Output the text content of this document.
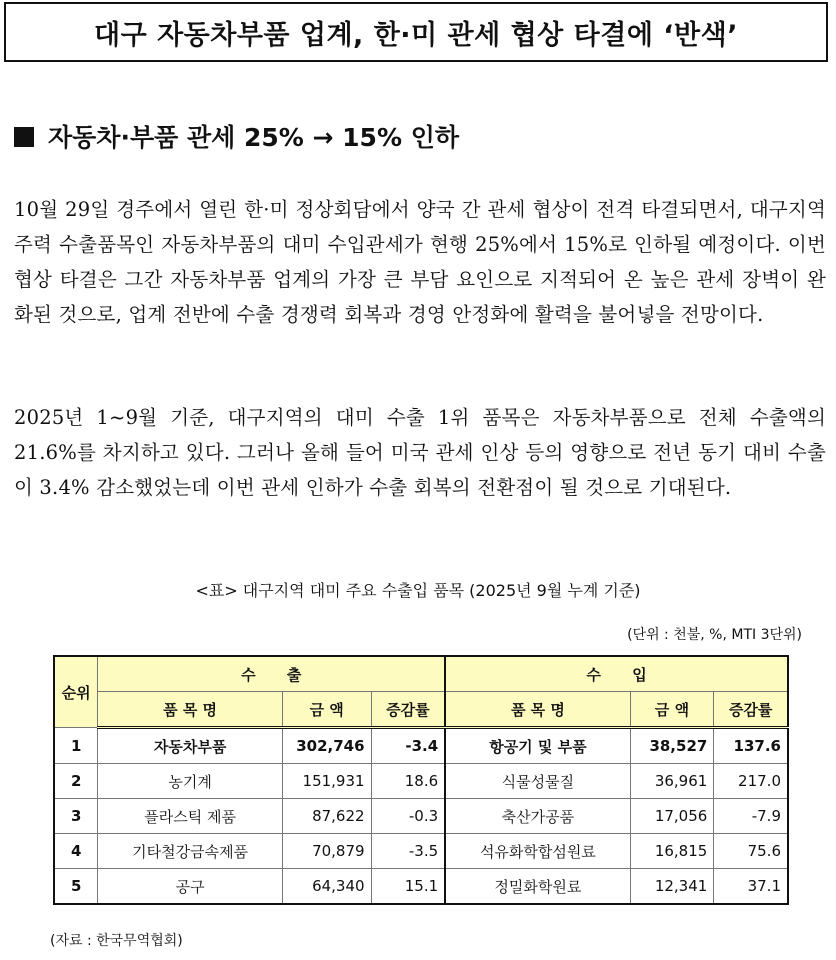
대구 자동차부품 업계, 한·미 관세 협상 타결에 ‘반색’
자동차·부품 관세 25% → 15% 인하
10월 29일 경주에서 열린 한·미 정상회담에서 양국 간 관세 협상이 전격 타결되면서, 대구지역 주력 수출품목인 자동차부품의 대미 수입관세가 현행 25%에서 15%로 인하될 예정이다. 이번 협상 타결은 그간 자동차부품 업계의 가장 큰 부담 요인으로 지적되어 온 높은 관세 장벽이 완화된 것으로, 업계 전반에 수출 경쟁력 회복과 경영 안정화에 활력을 불어넣을 전망이다.
2025년 1~9월 기준, 대구지역의 대미 수출 1위 품목은 자동차부품으로 전체 수출액의 21.6%를 차지하고 있다. 그러나 올해 들어 미국 관세 인상 등의 영향으로 전년 동기 대비 수출이 3.4% 감소했었는데 이번 관세 인하가 수출 회복의 전환점이 될 것으로 기대된다.
<표> 대구지역 대미 주요 수출입 품목 (2025년 9월 누계 기준)
(단위 : 천불, %, MTI 3단위)
순위	수      출			수      입		
	품 목 명	금 액	증감률	품 목 명	금 액	증감률
1	자동차부품	302,746	-3.4	항공기 및 부품	38,527	137.6
2	농기계	151,931	18.6	식물성물질	36,961	217.0
3	플라스틱 제품	87,622	-0.3	축산가공품	17,056	-7.9
4	기타철강금속제품	70,879	-3.5	석유화학합섬원료	16,815	75.6
5	공구	64,340	15.1	정밀화학원료	12,341	37.1
(자료 : 한국무역협회)
